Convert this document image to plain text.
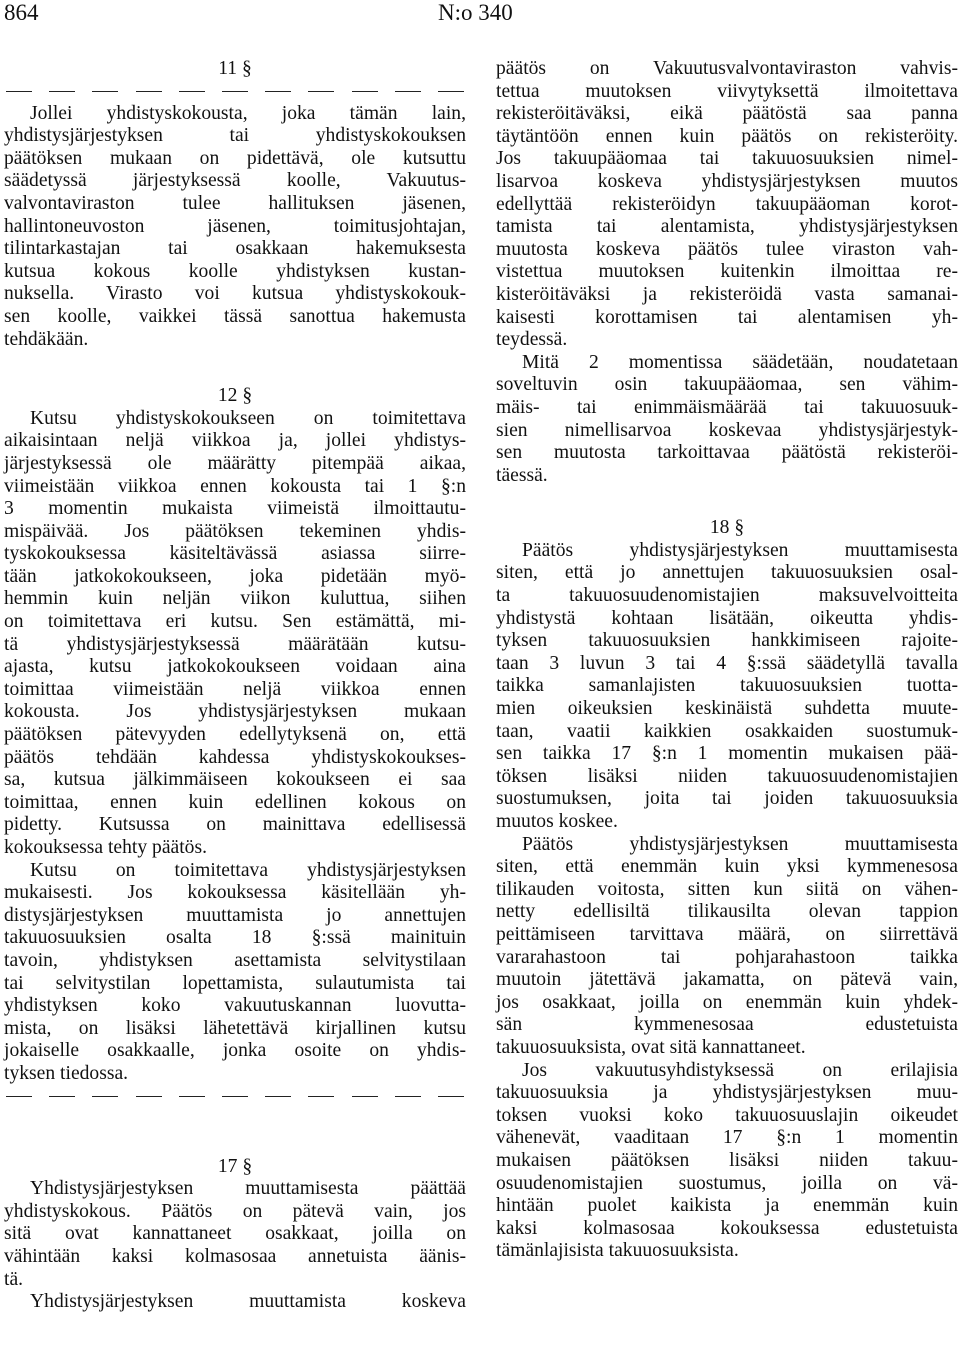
864	N:o 340
11 §
Jollei yhdistyskokousta, joka tämän lain,
yhdistysjärjestyksen tai yhdistyskokouksen
päätöksen mukaan on pidettävä, ole kutsuttu
säädetyssä järjestyksessä koolle, Vakuutus-
valvontaviraston tulee hallituksen jäsenen,
hallintoneuvoston jäsenen, toimitusjohtajan,
tilintarkastajan tai osakkaan hakemuksesta
kutsua kokous koolle yhdistyksen kustan-
nuksella. Virasto voi kutsua yhdistyskokouk-
sen koolle, vaikkei tässä sanottua hakemusta
tehdäkään.
12 §
Kutsu yhdistyskokoukseen on toimitettava
aikaisintaan neljä viikkoa ja, jollei yhdistys-
järjestyksessä ole määrätty pitempää aikaa,
viimeistään viikkoa ennen kokousta tai 1 §:n
3 momentin mukaista viimeistä ilmoittautu-
mispäivää. Jos päätöksen tekeminen yhdis-
tyskokouksessa käsiteltävässä asiassa siirre-
tään jatkokokoukseen, joka pidetään myö-
hemmin kuin neljän viikon kuluttua, siihen
on toimitettava eri kutsu. Sen estämättä, mi-
tä yhdistysjärjestyksessä määrätään kutsu-
ajasta, kutsu jatkokokoukseen voidaan aina
toimittaa viimeistään neljä viikkoa ennen
kokousta. Jos yhdistysjärjestyksen mukaan
päätöksen pätevyyden edellytyksenä on, että
päätös tehdään kahdessa yhdistyskokoukses-
sa, kutsua jälkimmäiseen kokoukseen ei saa
toimittaa, ennen kuin edellinen kokous on
pidetty. Kutsussa on mainittava edellisessä
kokouksessa tehty päätös.
Kutsu on toimitettava yhdistysjärjestyksen
mukaisesti. Jos kokouksessa käsitellään yh-
distysjärjestyksen muuttamista jo annettujen
takuuosuuksien osalta 18 §:ssä mainituin
tavoin, yhdistyksen asettamista selvitystilaan
tai selvitystilan lopettamista, sulautumista tai
yhdistyksen koko vakuutuskannan luovutta-
mista, on lisäksi lähetettävä kirjallinen kutsu
jokaiselle osakkaalle, jonka osoite on yhdis-
tyksen tiedossa.
17 §
Yhdistysjärjestyksen muuttamisesta päättää
yhdistyskokous. Päätös on pätevä vain, jos
sitä ovat kannattaneet osakkaat, joilla on
vähintään kaksi kolmasosaa annetuista äänis-
tä.
Yhdistysjärjestyksen muuttamista koskeva
päätös on Vakuutusvalvontaviraston vahvis-
tettua muutoksen viivytyksettä ilmoitettava
rekisteröitäväksi, eikä päätöstä saa panna
täytäntöön ennen kuin päätös on rekisteröity.
Jos takuupääomaa tai takuuosuuksien nimel-
lisarvoa koskeva yhdistysjärjestyksen muutos
edellyttää rekisteröidyn takuupääoman korot-
tamista tai alentamista, yhdistysjärjestyksen
muutosta koskeva päätös tulee viraston vah-
vistettua muutoksen kuitenkin ilmoittaa re-
kisteröitäväksi ja rekisteröidä vasta samanai-
kaisesti korottamisen tai alentamisen yh-
teydessä.
Mitä 2 momentissa säädetään, noudatetaan
soveltuvin osin takuupääomaa, sen vähim-
mäis- tai enimmäismäärää tai takuuosuuk-
sien nimellisarvoa koskevaa yhdistysjärjestyk-
sen muutosta tarkoittavaa päätöstä rekisteröi-
täessä.
18 §
Päätös yhdistysjärjestyksen muuttamisesta
siten, että jo annettujen takuuosuuksien osal-
ta takuuosuudenomistajien maksuvelvoitteita
yhdistystä kohtaan lisätään, oikeutta yhdis-
tyksen takuuosuuksien hankkimiseen rajoite-
taan 3 luvun 3 tai 4 §:ssä säädetyllä tavalla
taikka samanlajisten takuuosuuksien tuotta-
mien oikeuksien keskinäistä suhdetta muute-
taan, vaatii kaikkien osakkaiden suostumuk-
sen taikka 17 §:n 1 momentin mukaisen pää-
töksen lisäksi niiden takuuosuudenomistajien
suostumuksen, joita tai joiden takuuosuuksia
muutos koskee.
Päätös yhdistysjärjestyksen muuttamisesta
siten, että enemmän kuin yksi kymmenesosa
tilikauden voitosta, sitten kun siitä on vähen-
netty edellisiltä tilikausilta olevan tappion
peittämiseen tarvittava määrä, on siirrettävä
vararahastoon tai pohjarahastoon taikka
muutoin jätettävä jakamatta, on pätevä vain,
jos osakkaat, joilla on enemmän kuin yhdek-
sän kymmenesosaa edustetuista
takuuosuuksista, ovat sitä kannattaneet.
Jos vakuutusyhdistyksessä on erilajisia
takuuosuuksia ja yhdistysjärjestyksen muu-
toksen vuoksi koko takuuosuuslajin oikeudet
vähenevät, vaaditaan 17 §:n 1 momentin
mukaisen päätöksen lisäksi niiden takuu-
osuudenomistajien suostumus, joilla on vä-
hintään puolet kaikista ja enemmän kuin
kaksi kolmasosaa kokouksessa edustetuista
tämänlajisista takuuosuuksista.
